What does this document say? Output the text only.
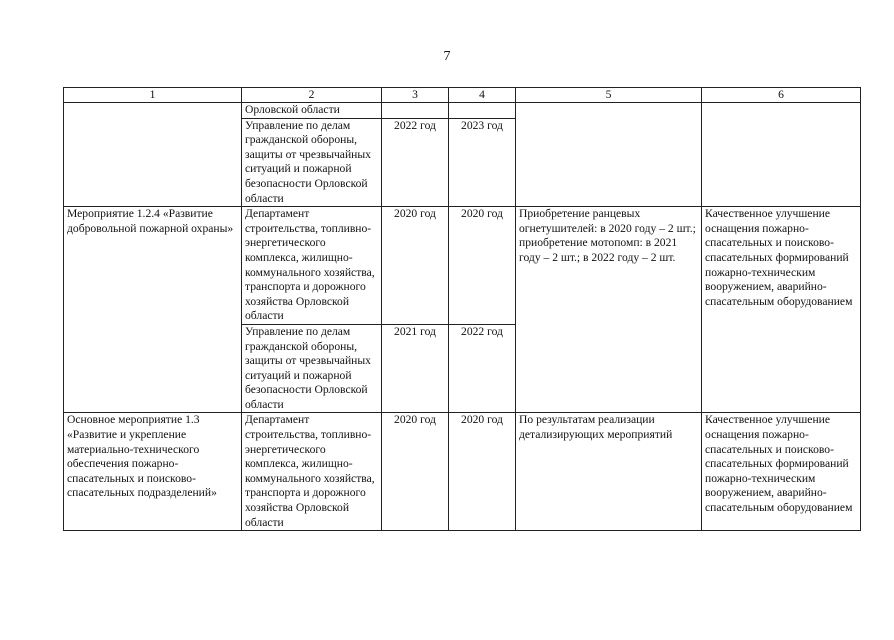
7
1	2	3	4	5	6
	Орловской области				
	Управление по делам гражданской обороны, защиты от чрезвычайных ситуаций и пожарной безопасности Орловской области	2022 год	2023 год		
Мероприятие 1.2.4 «Развитие добровольной пожарной охраны»	Департамент строительства, топливно-энергетического комплекса, жилищно-коммунального хозяйства, транспорта и дорожного хозяйства Орловской области	2020 год	2020 год	Приобретение ранцевых огнетушителей: в 2020 году – 2 шт.; приобретение мотопомп: в 2021 году – 2 шт.; в 2022 году – 2 шт.	Качественное улучшение оснащения пожарно-спасательных и поисково-спасательных формирований пожарно-техническим вооружением, аварийно-спасательным оборудованием
	Управление по делам гражданской обороны, защиты от чрезвычайных ситуаций и пожарной безопасности Орловской области	2021 год	2022 год		
Основное мероприятие 1.3 «Развитие и укрепление материально-технического обеспечения пожарно-спасательных и поисково-спасательных подразделений»	Департамент строительства, топливно-энергетического комплекса, жилищно-коммунального хозяйства, транспорта и дорожного хозяйства Орловской области	2020 год	2020 год	По результатам реализации детализирующих мероприятий	Качественное улучшение оснащения пожарно-спасательных и поисково-спасательных формирований пожарно-техническим вооружением, аварийно-спасательным оборудованием
